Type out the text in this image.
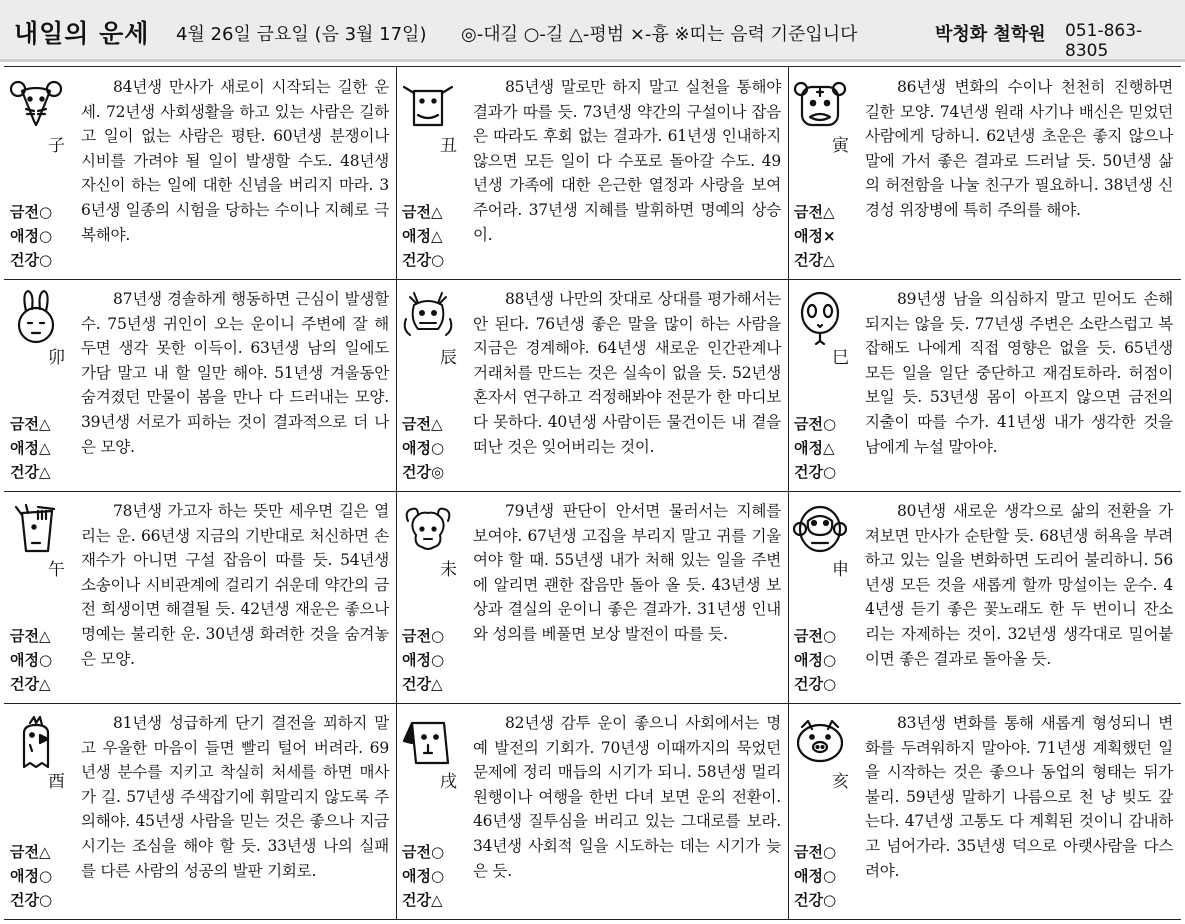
내일의 운세 4월 26일 금요일 (음 3월 17일) ◎-대길 ○-길 △-평범 ×-흉 ※띠는 음력 기준입니다	박청화 철학원 051-863-8305
子
금전○
애정○
건강○
84년생 만사가 새로이 시작되는 길한 운세. 72년생 사회생활을 하고 있는 사람은 길하고 일이 없는 사람은 평탄. 60년생 분쟁이나 시비를 가려야 될 일이 발생할 수도. 48년생 자신이 하는 일에 대한 신념을 버리지 마라. 36년생 일종의 시험을 당하는 수이나 지혜로 극복해야.
丑
금전△
애정△
건강○
85년생 말로만 하지 말고 실천을 통해야 결과가 따를 듯. 73년생 약간의 구설이나 잡음은 따라도 후회 없는 결과가. 61년생 인내하지 않으면 모든 일이 다 수포로 돌아갈 수도. 49년생 가족에 대한 은근한 열정과 사랑을 보여주어라. 37년생 지혜를 발휘하면 명예의 상승이.
寅
금전△
애정×
건강△
86년생 변화의 수이나 천천히 진행하면 길한 모양. 74년생 원래 사기나 배신은 믿었던 사람에게 당하니. 62년생 초운은 좋지 않으나 말에 가서 좋은 결과로 드러날 듯. 50년생 삶의 허전함을 나눌 친구가 필요하니. 38년생 신경성 위장병에 특히 주의를 해야.
卯
금전△
애정△
건강△
87년생 경솔하게 행동하면 근심이 발생할 수. 75년생 귀인이 오는 운이니 주변에 잘 해 두면 생각 못한 이득이. 63년생 남의 일에도 가담 말고 내 할 일만 해야. 51년생 겨울동안 숨겨졌던 만물이 봄을 만나 다 드러내는 모양. 39년생 서로가 피하는 것이 결과적으로 더 나은 모양.
辰
금전△
애정○
건강◎
88년생 나만의 잣대로 상대를 평가해서는 안 된다. 76년생 좋은 말을 많이 하는 사람을 지금은 경계해야. 64년생 새로운 인간관계나 거래처를 만드는 것은 실속이 없을 듯. 52년생 혼자서 연구하고 걱정해봐야 전문가 한 마디보다 못하다. 40년생 사람이든 물건이든 내 곁을 떠난 것은 잊어버리는 것이.
巳
금전○
애정△
건강○
89년생 남을 의심하지 말고 믿어도 손해되지는 않을 듯. 77년생 주변은 소란스럽고 복잡해도 나에게 직접 영향은 없을 듯. 65년생 모든 일을 일단 중단하고 재검토하라. 허점이 보일 듯. 53년생 몸이 아프지 않으면 금전의 지출이 따를 수가. 41년생 내가 생각한 것을 남에게 누설 말아야.
午
금전△
애정○
건강△
78년생 가고자 하는 뜻만 세우면 길은 열리는 운. 66년생 지금의 기반대로 처신하면 손재수가 아니면 구설 잡음이 따를 듯. 54년생 소송이나 시비관계에 걸리기 쉬운데 약간의 금전 희생이면 해결될 듯. 42년생 재운은 좋으나 명예는 불리한 운. 30년생 화려한 것을 숨겨놓은 모양.
未
금전○
애정○
건강△
79년생 판단이 안서면 물러서는 지혜를 보여야. 67년생 고집을 부리지 말고 귀를 기울여야 할 때. 55년생 내가 처해 있는 일을 주변에 알리면 괜한 잡음만 돌아 올 듯. 43년생 보상과 결실의 운이니 좋은 결과가. 31년생 인내와 성의를 베풀면 보상 발전이 따를 듯.
申
금전○
애정○
건강○
80년생 새로운 생각으로 삶의 전환을 가져보면 만사가 순탄할 듯. 68년생 허욕을 부려 하고 있는 일을 변화하면 도리어 불리하니. 56년생 모든 것을 새롭게 할까 망설이는 운수. 44년생 듣기 좋은 꽃노래도 한 두 번이니 잔소리는 자제하는 것이. 32년생 생각대로 밀어붙이면 좋은 결과로 돌아올 듯.
酉
금전△
애정○
건강○
81년생 성급하게 단기 결전을 꾀하지 말고 우울한 마음이 들면 빨리 털어 버려라. 69년생 분수를 지키고 착실히 처세를 하면 매사가 길. 57년생 주색잡기에 휘말리지 않도록 주의해야. 45년생 사람을 믿는 것은 좋으나 지금 시기는 조심을 해야 할 듯. 33년생 나의 실패를 다른 사람의 성공의 발판 기회로.
戌
금전○
애정○
건강△
82년생 감투 운이 좋으니 사회에서는 명예 발전의 기회가. 70년생 이때까지의 묵었던 문제에 정리 매듭의 시기가 되니. 58년생 멀리 원행이나 여행을 한번 다녀 보면 운의 전환이. 46년생 질투심을 버리고 있는 그대로를 보라. 34년생 사회적 일을 시도하는 데는 시기가 늦은 듯.
亥
금전○
애정○
건강○
83년생 변화를 통해 새롭게 형성되니 변화를 두려워하지 말아야. 71년생 계획했던 일을 시작하는 것은 좋으나 동업의 형태는 뒤가 불리. 59년생 말하기 나름으로 천 냥 빚도 갚는다. 47년생 고통도 다 계획된 것이니 감내하고 넘어가라. 35년생 덕으로 아랫사람을 다스려야.
